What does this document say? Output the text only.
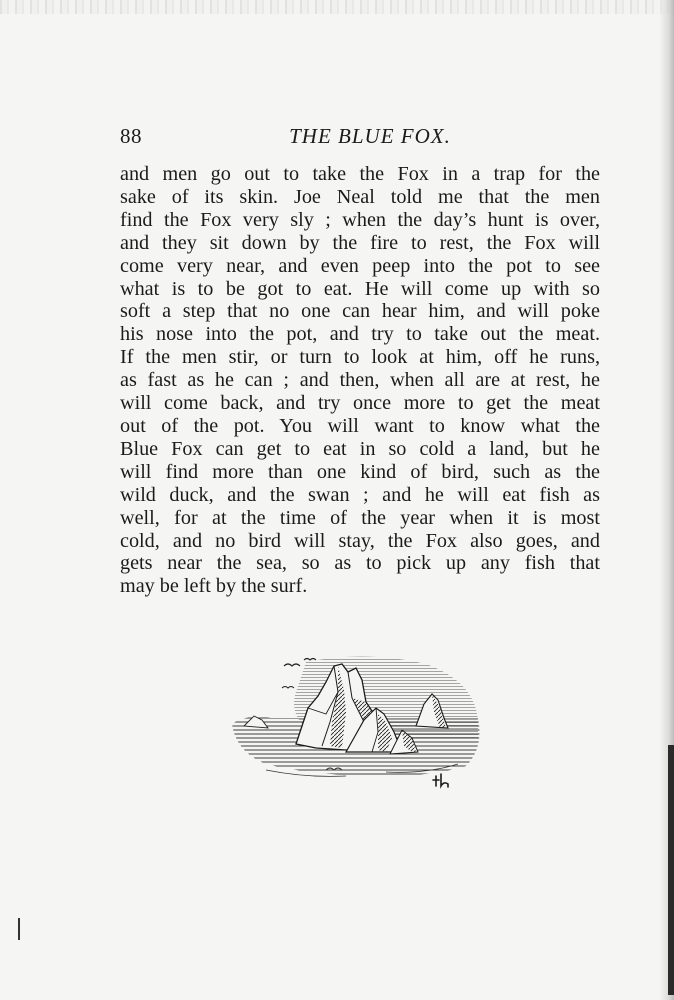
88	THE BLUE FOX.
and men go out to take the Fox in a trap for the
sake of its skin. Joe Neal told me that the men
find the Fox very sly ; when the day’s hunt is over,
and they sit down by the fire to rest, the Fox will
come very near, and even peep into the pot to see
what is to be got to eat. He will come up with so
soft a step that no one can hear him, and will poke
his nose into the pot, and try to take out the meat.
If the men stir, or turn to look at him, off he runs,
as fast as he can ; and then, when all are at rest, he
will come back, and try once more to get the meat
out of the pot. You will want to know what the
Blue Fox can get to eat in so cold a land, but he
will find more than one kind of bird, such as the
wild duck, and the swan ; and he will eat fish as
well, for at the time of the year when it is most
cold, and no bird will stay, the Fox also goes, and
gets near the sea, so as to pick up any fish that
may be left by the surf.
